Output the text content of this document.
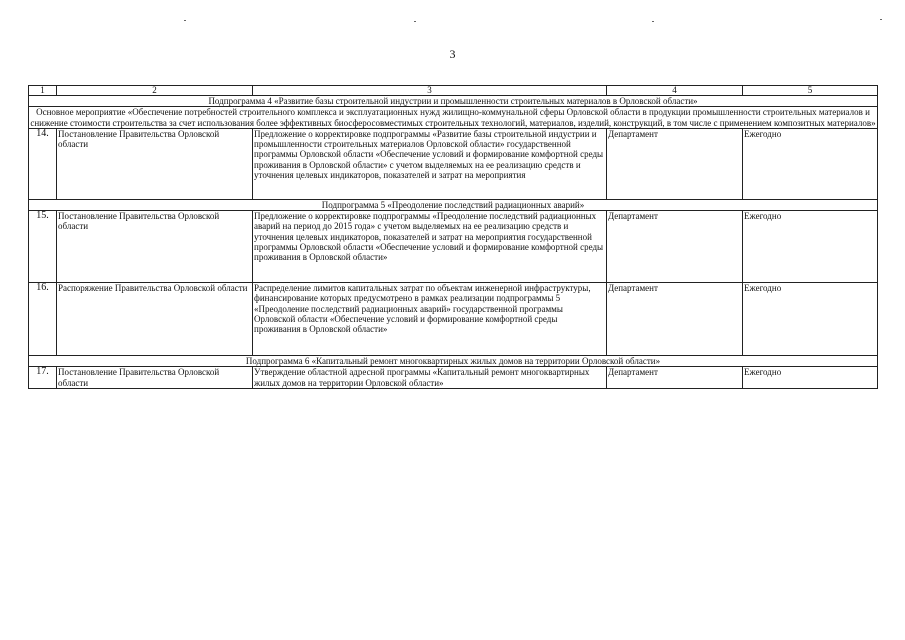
3
1	2	3	4	5
Подпрограмма 4 «Развитие базы строительной индустрии и промышленности строительных материалов в Орловской области»				
Основное мероприятие «Обеспечение потребностей строительного комплекса и эксплуатационных нужд жилищно-коммунальной сферы Орловской области в продукции промышленности строительных материалов и снижение стоимости строительства за счет использования более эффективных биосферосовместимых строительных технологий, материалов, изделий, конструкций, в том числе с применением композитных материалов»				
14.	Постановление Правительства Орловской области	Предложение о корректировке подпрограммы «Развитие базы строительной индустрии и промышленности строительных материалов Орловской области» государственной программы Орловской области «Обеспечение условий и формирование комфортной среды проживания в Орловской области» с учетом выделяемых на ее реализацию средств и уточнения целевых индикаторов, показателей и затрат на мероприятия	Департамент	Ежегодно
Подпрограмма 5 «Преодоление последствий радиационных аварий»				
15.	Постановление Правительства Орловской области	Предложение о корректировке подпрограммы «Преодоление последствий радиационных аварий на период до 2015 года» с учетом выделяемых на ее реализацию средств и уточнения целевых индикаторов, показателей и затрат на мероприятия государственной программы Орловской области «Обеспечение условий и формирование комфортной среды проживания в Орловской области»	Департамент	Ежегодно
16.	Распоряжение Правительства Орловской области	Распределение лимитов капитальных затрат по объектам инженерной инфраструктуры, финансирование которых предусмотрено в рамках реализации подпрограммы 5 «Преодоление последствий радиационных аварий» государственной программы Орловской области «Обеспечение условий и формирование комфортной среды проживания в Орловской области»	Департамент	Ежегодно
Подпрограмма 6 «Капитальный ремонт многоквартирных жилых домов на территории Орловской области»				
17.	Постановление Правительства Орловской области	Утверждение областной адресной программы «Капитальный ремонт многоквартирных жилых домов на территории Орловской области»	Департамент	Ежегодно
